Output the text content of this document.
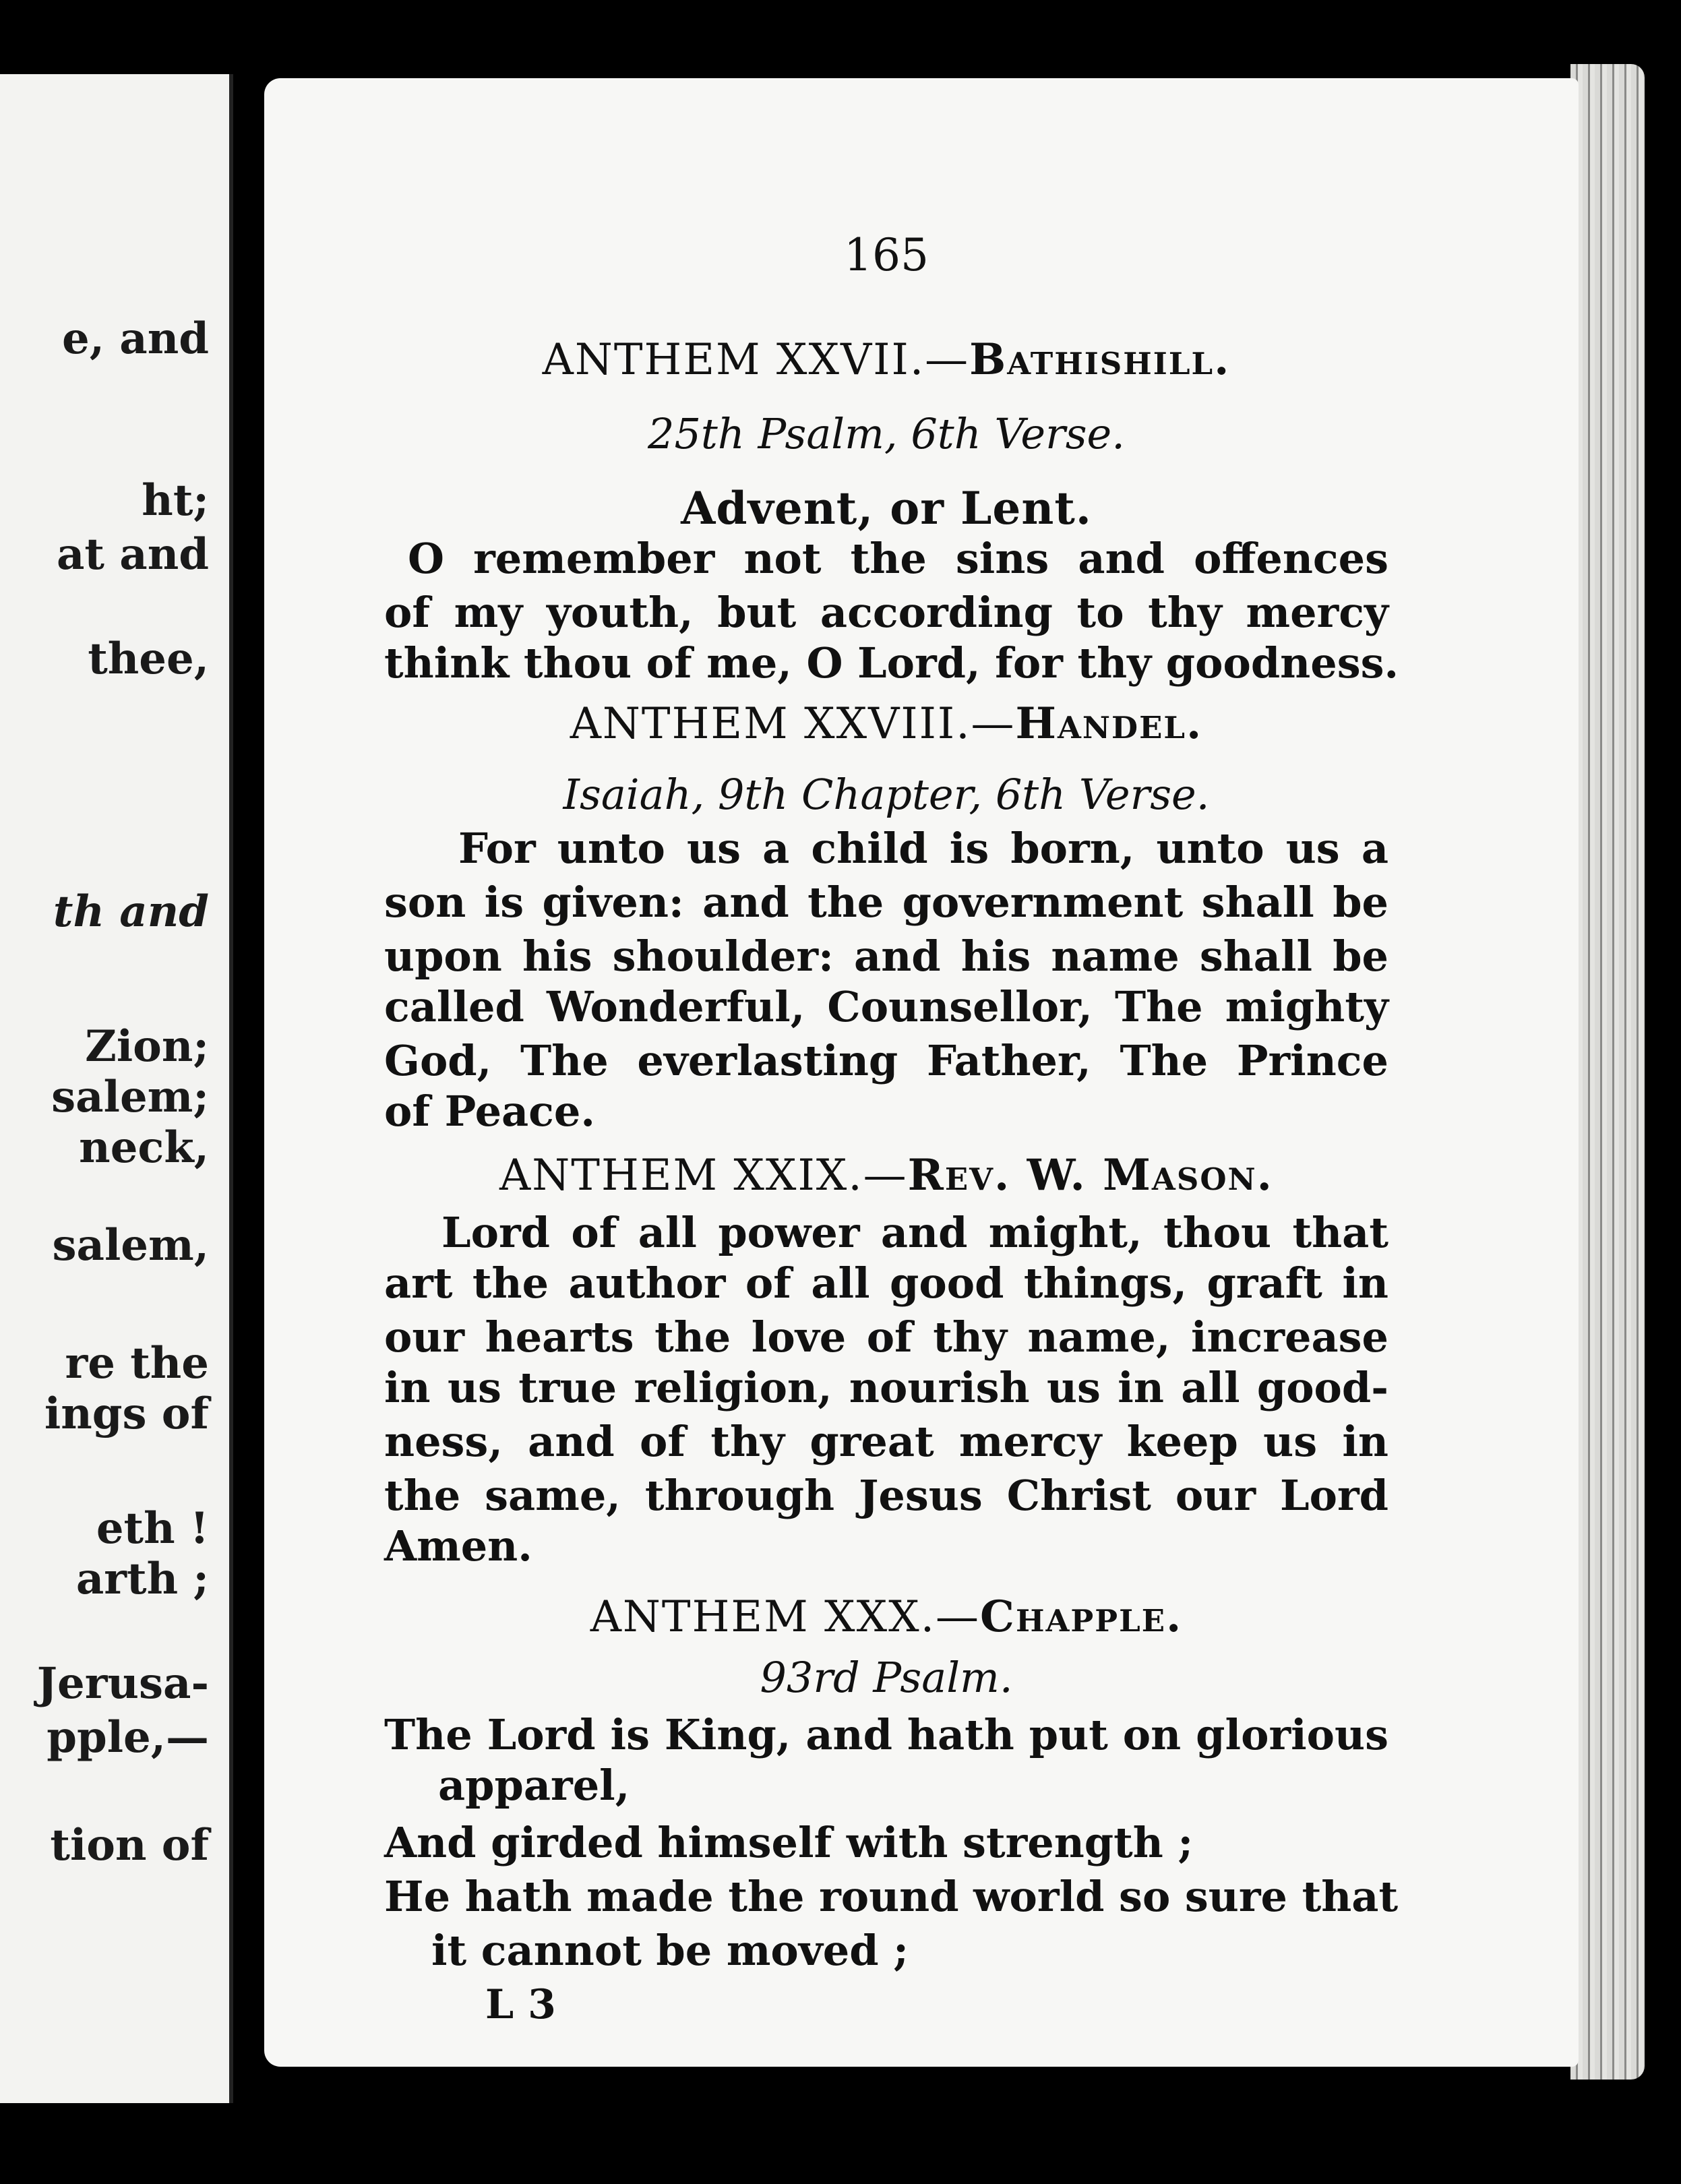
e, and
ht;
at and
thee,
th and
Zion;
salem;
neck,
salem,
re the
ings of
eth !
arth ;
Jerusa-
pple,—
tion of
165
ANTHEM XXVII.—Bathishill.
25th Psalm, 6th Verse.
Advent, or Lent.
O remember not the sins and offences
of my youth, but according to thy mercy
think thou of me, O Lord, for thy goodness.
ANTHEM XXVIII.—Handel.
Isaiah, 9th Chapter, 6th Verse.
For unto us a child is born, unto us a
son is given: and the government shall be
upon his shoulder: and his name shall be
called Wonderful, Counsellor, The mighty
God, The everlasting Father, The Prince
of Peace.
ANTHEM XXIX.—Rev. W. Mason.
Lord of all power and might, thou that
art the author of all good things, graft in
our hearts the love of thy name, increase
in us true religion, nourish us in all good-
ness, and of thy great mercy keep us in
the same, through Jesus Christ our Lord
Amen.
ANTHEM XXX.—Chapple.
93rd Psalm.
The Lord is King, and hath put on glorious
apparel,
And girded himself with strength ;
He hath made the round world so sure that
it cannot be moved ;
L 3
